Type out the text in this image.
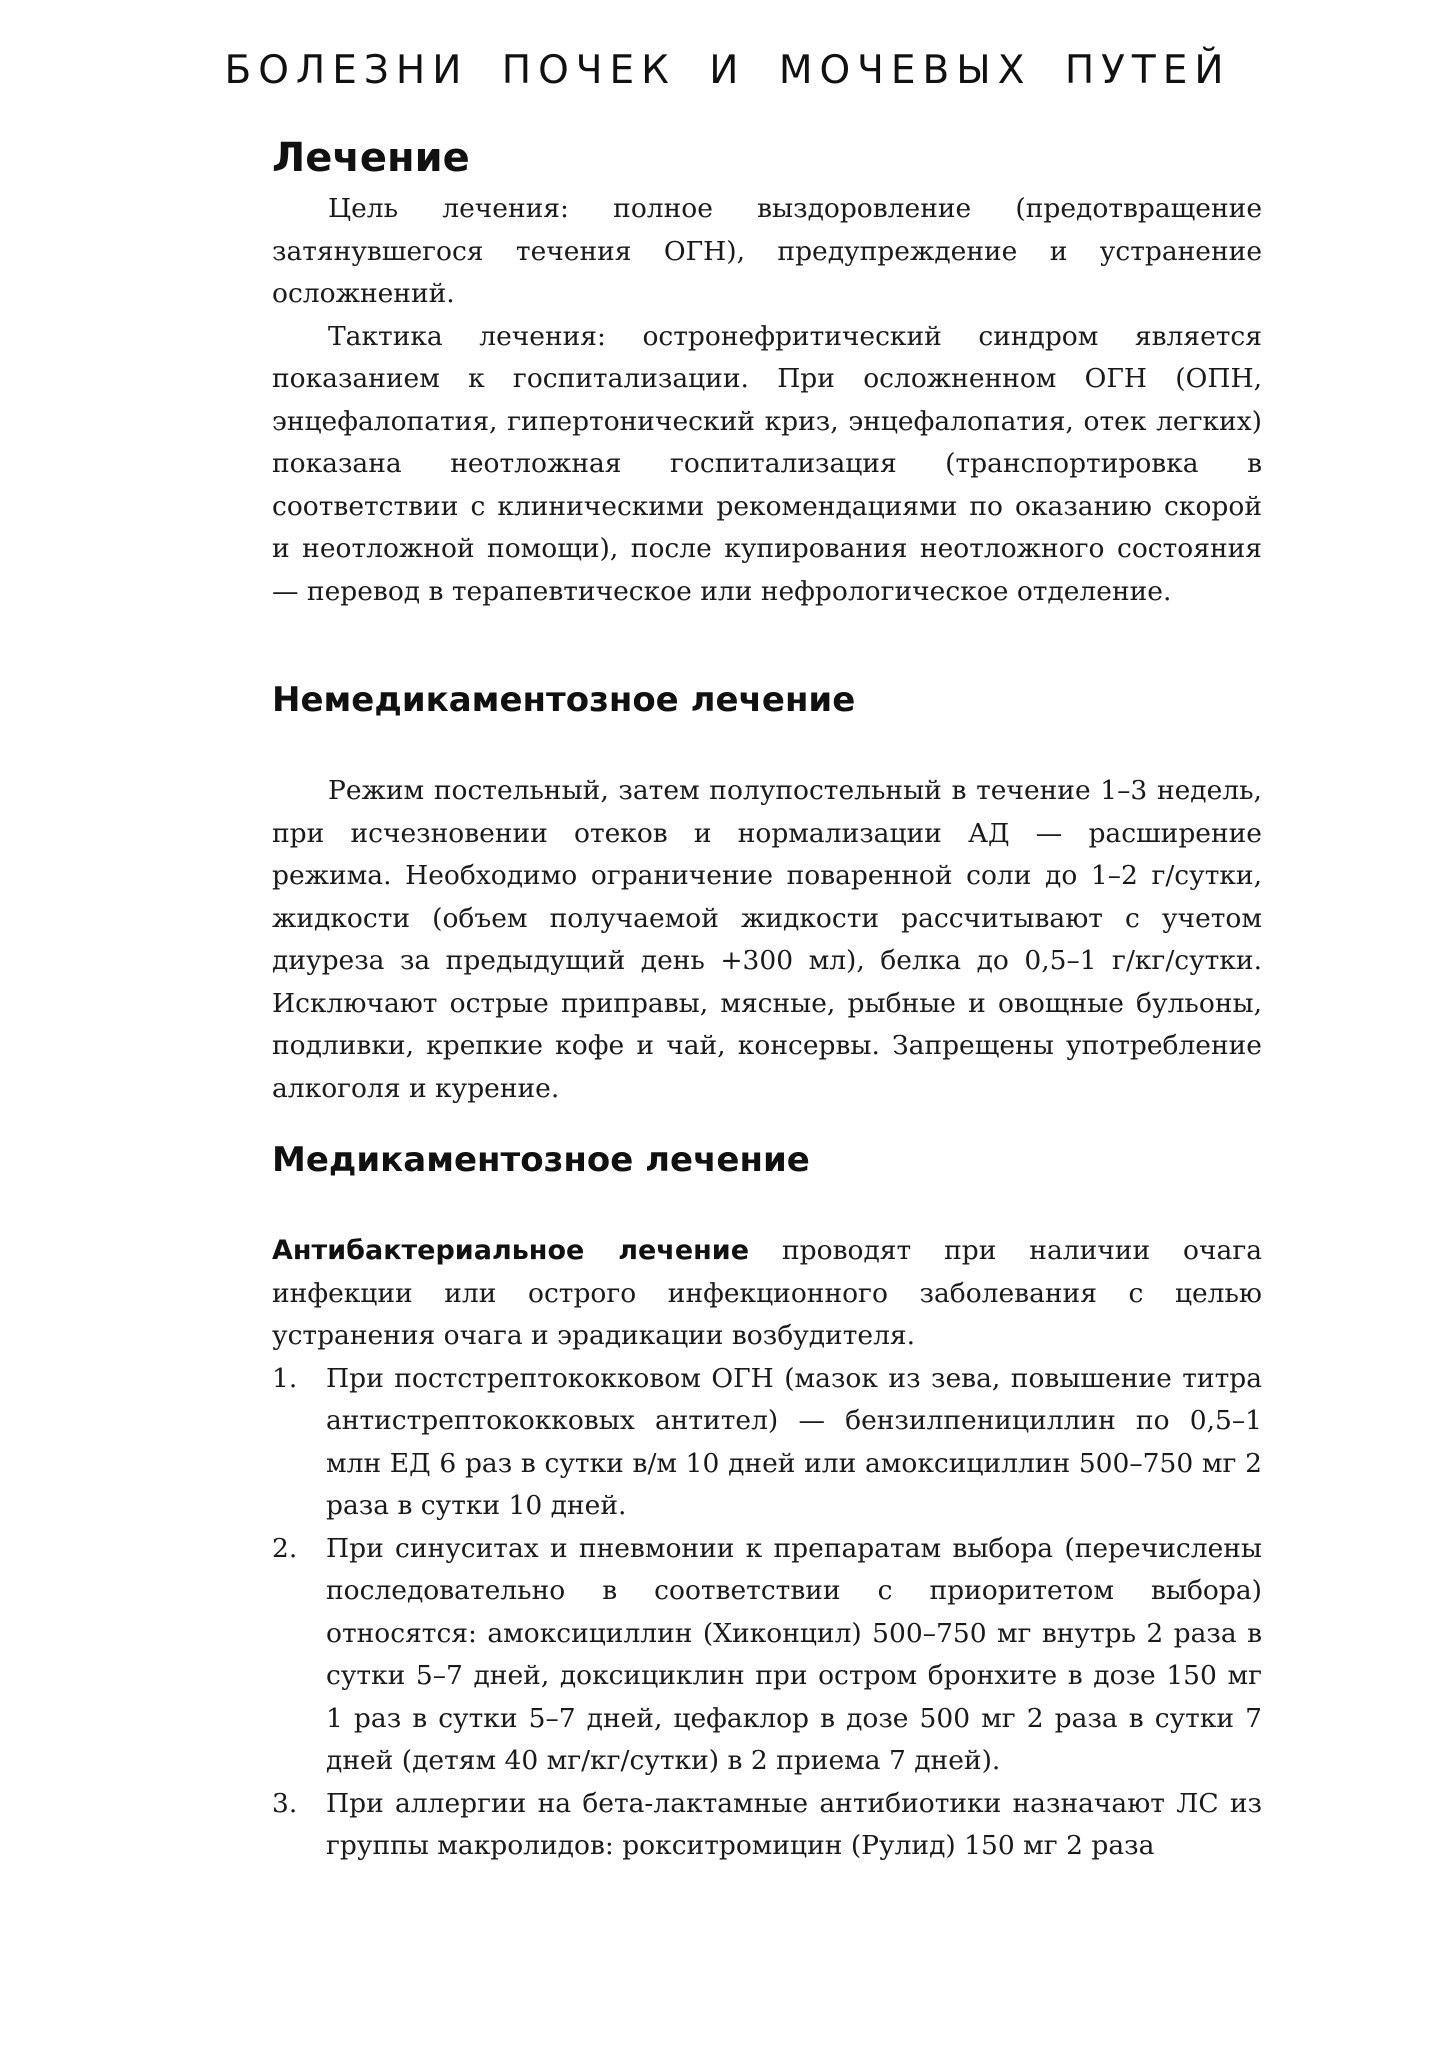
БОЛЕЗНИ ПОЧЕК И МОЧЕВЫХ ПУТЕЙ
Лечение

Цель лечения: полное выздоровление (предотвращение затянувшегося течения ОГН), предупреждение и устранение осложнений.

Тактика лечения: остронефритический синдром является показанием к госпитализации. При осложненном ОГН (ОПН, энцефалопатия, гипертонический криз, энцефалопатия, отек легких) показана неотложная госпитализация (транспортировка в соответствии с клиническими рекомендациями по оказанию скорой и неотложной помощи), после купирования неотложного состояния — перевод в терапевтическое или нефрологическое отделение.

Немедикаментозное лечение

Режим постельный, затем полупостельный в течение 1–3 недель, при исчезновении отеков и нормализации АД — расширение режима. Необходимо ограничение поваренной соли до 1–2 г/сутки, жидкости (объем получаемой жидкости рассчитывают с учетом диуреза за предыдущий день +300 мл), белка до 0,5–1 г/кг/сутки. Исключают острые приправы, мясные, рыбные и овощные бульоны, подливки, крепкие кофе и чай, консервы. Запрещены употребление алкоголя и курение.

Медикаментозное лечение

Антибактериальное лечение проводят при наличии очага инфекции или острого инфекционного заболевания с целью устранения очага и эрадикации возбудителя.

1. При постстрептококковом ОГН (мазок из зева, повышение титра антистрептококковых антител) — бензилпенициллин по 0,5–1 млн ЕД 6 раз в сутки в/м 10 дней или амоксициллин 500–750 мг 2 раза в сутки 10 дней.
2. При синуситах и пневмонии к препаратам выбора (перечислены последовательно в соответствии с приоритетом выбора) относятся: амоксициллин (Хиконцил) 500–750 мг внутрь 2 раза в сутки 5–7 дней, доксициклин при остром бронхите в дозе 150 мг 1 раз в сутки 5–7 дней, цефаклор в дозе 500 мг 2 раза в сутки 7 дней (детям 40 мг/кг/сутки) в 2 приема 7 дней).
3. При аллергии на бета-лактамные антибиотики назначают ЛС из группы макролидов: рокситромицин (Рулид) 150 мг 2 раза
